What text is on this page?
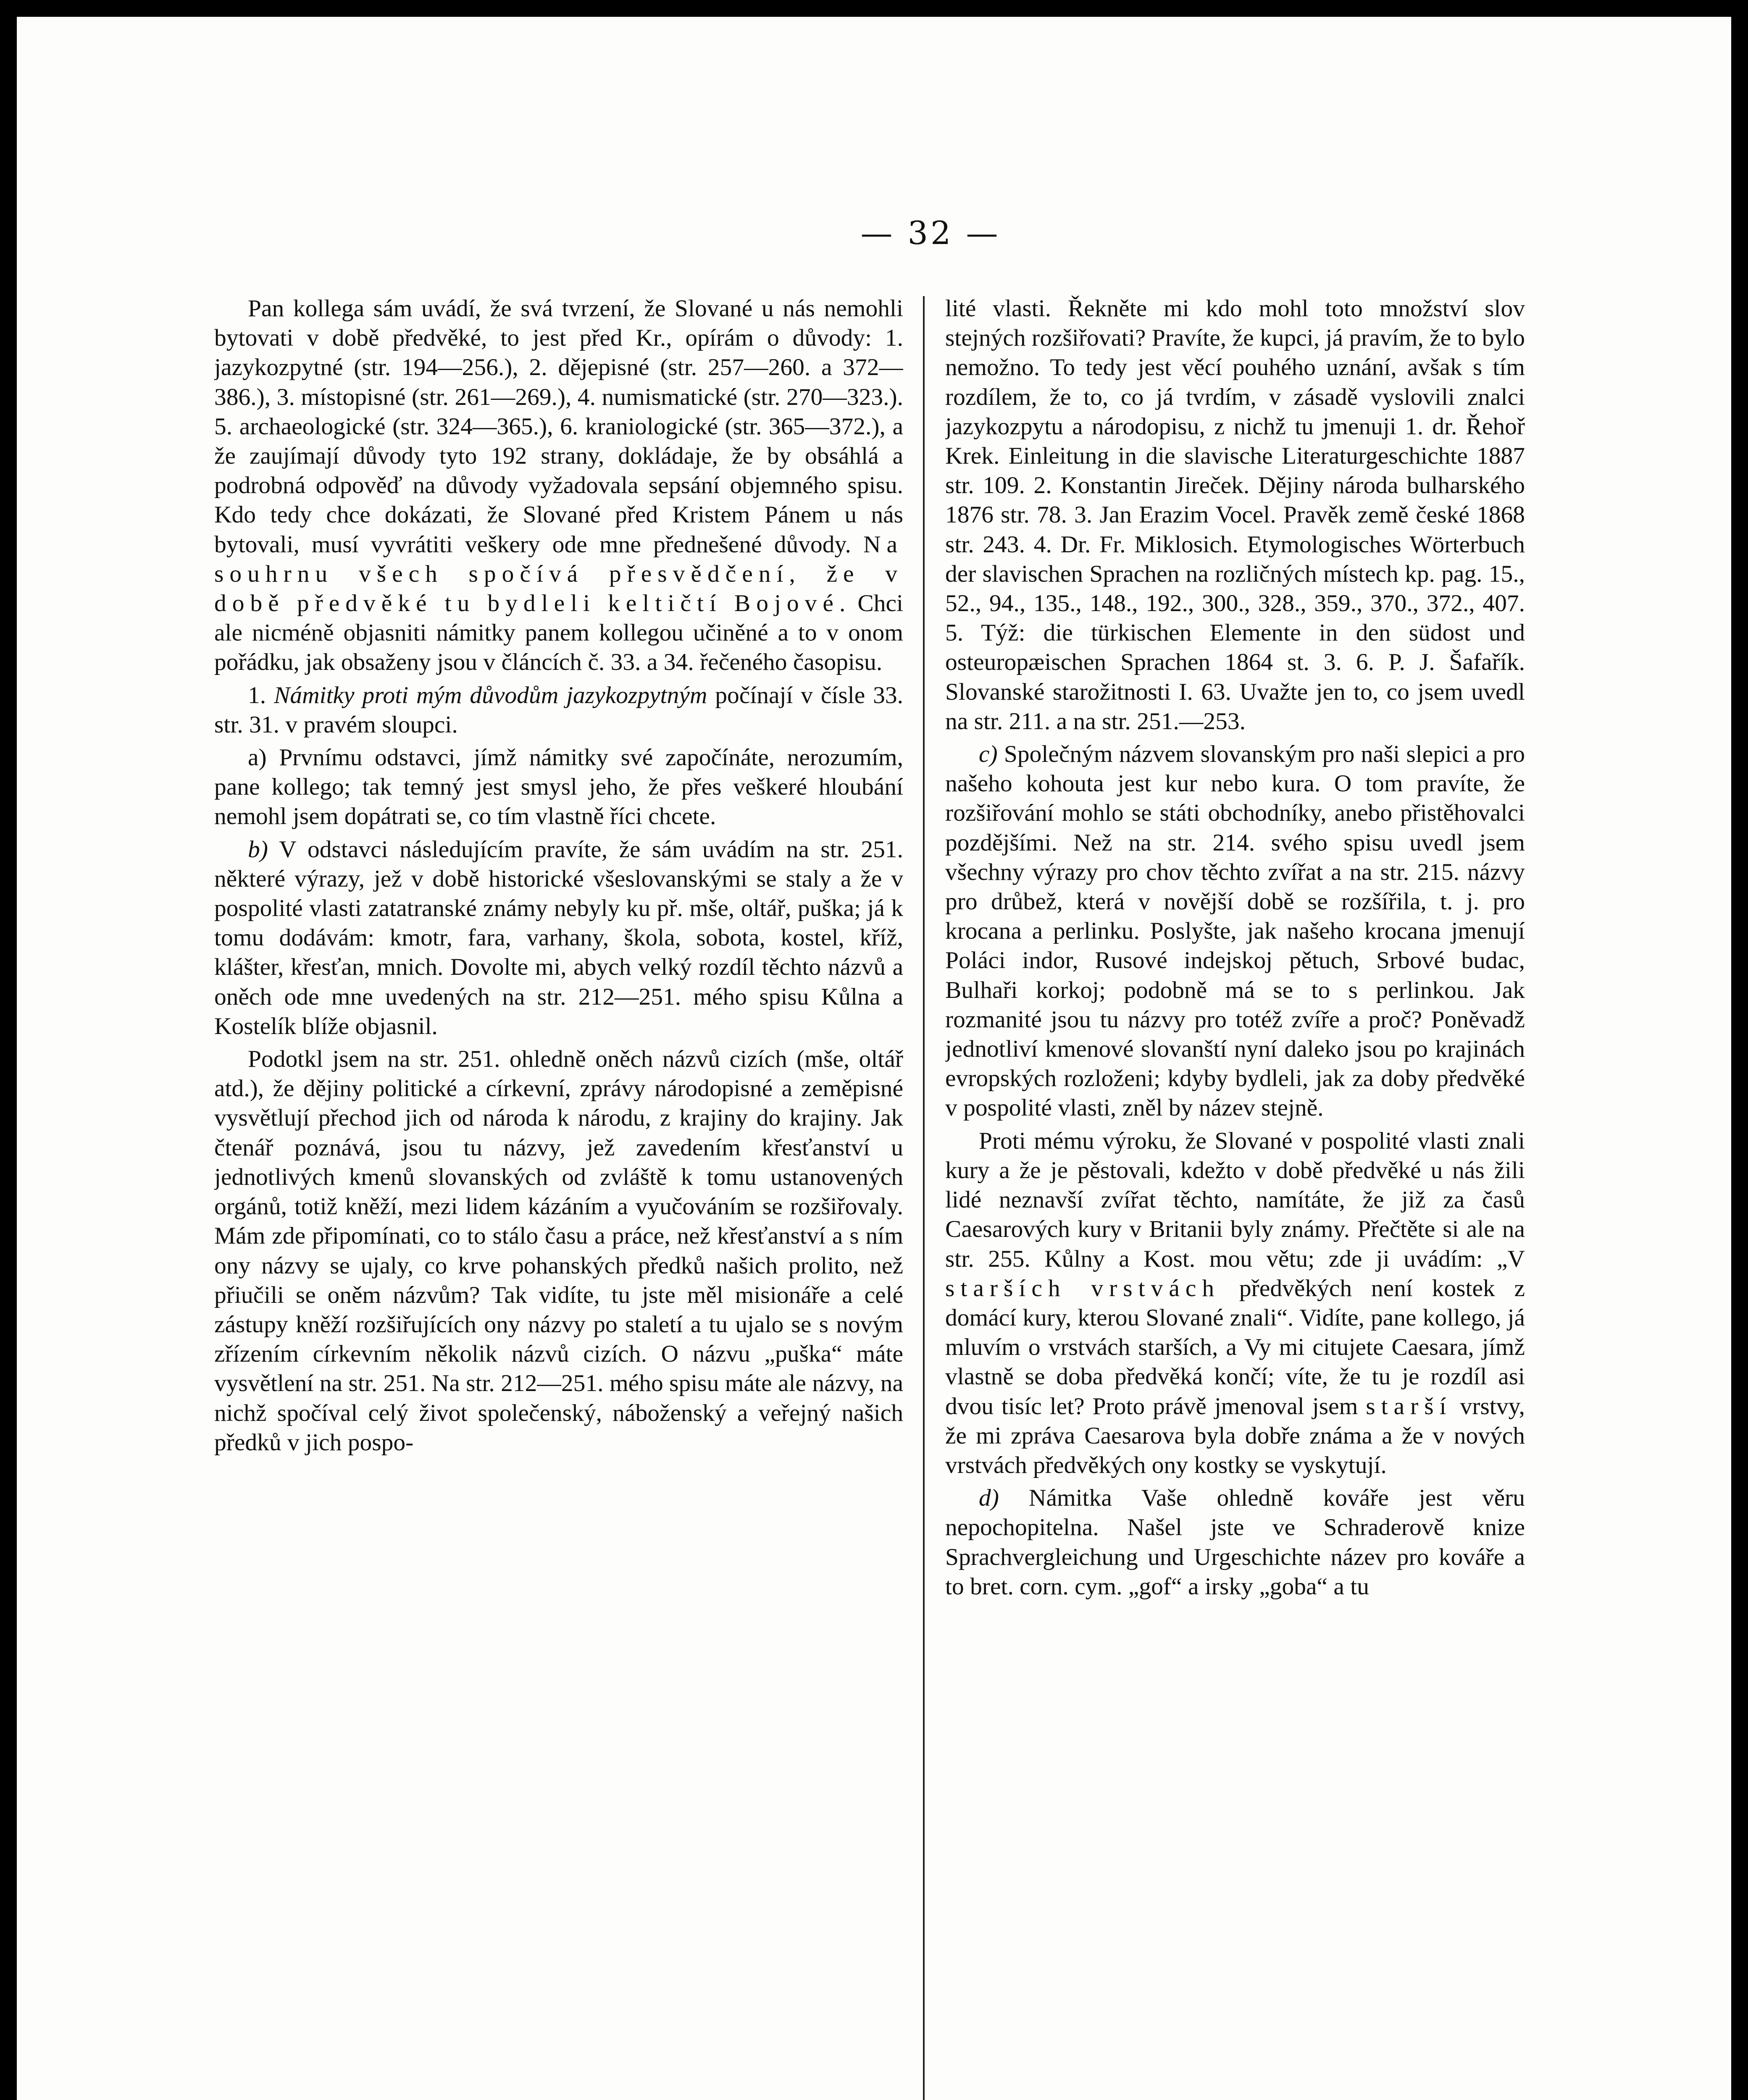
— 32 —

Pan kollega sám uvádí, že svá tvrzení, že Slované u nás nemohli bytovati v době předvěké, to jest před Kr., opírám o důvody: 1. jazykozpytné (str. 194—256.), 2. dějepisné (str. 257—260. a 372—386.), 3. místopisné (str. 261—269.), 4. numismatické (str. 270—323.). 5. archaeologické (str. 324—365.), 6. kraniologické (str. 365—372.), a že zaujímají důvody tyto 192 strany, dokládaje, že by obsáhlá a podrobná odpověď na důvody vyžadovala sepsání objemného spisu. Kdo tedy chce dokázati, že Slované před Kristem Pánem u nás bytovali, musí vyvrátiti veškery ode mne přednešené důvody. Na souhrnu všech spočívá přesvědčení, že v době předvěké tu bydleli keltičtí Bojové. Chci ale nicméně objasniti námitky panem kollegou učiněné a to v onom pořádku, jak obsaženy jsou v článcích č. 33. a 34. řečeného časopisu.

1. Námitky proti mým důvodům jazykozpytným počínají v čísle 33. str. 31. v pravém sloupci.

a) Prvnímu odstavci, jímž námitky své započínáte, nerozumím, pane kollego; tak temný jest smysl jeho, že přes veškeré hloubání nemohl jsem dopátrati se, co tím vlastně říci chcete.

b) V odstavci následujícím pravíte, že sám uvádím na str. 251. některé výrazy, jež v době historické všeslovanskými se staly a že v pospolité vlasti zatatranské známy nebyly ku př. mše, oltář, puška; já k tomu dodávám: kmotr, fara, varhany, škola, sobota, kostel, kříž, klášter, křesťan, mnich. Dovolte mi, abych velký rozdíl těchto názvů a oněch ode mne uvedených na str. 212—251. mého spisu Kůlna a Kostelík blíže objasnil.

Podotkl jsem na str. 251. ohledně oněch názvů cizích (mše, oltář atd.), že dějiny politické a církevní, zprávy národopisné a zeměpisné vysvětlují přechod jich od národa k národu, z krajiny do krajiny. Jak čtenář poznává, jsou tu názvy, jež zavedením křesťanství u jednotlivých kmenů slovanských od zvláště k tomu ustanovených orgánů, totiž kněží, mezi lidem kázáním a vyučováním se rozšiřovaly. Mám zde připomínati, co to stálo času a práce, než křesťanství a s ním ony názvy se ujaly, co krve pohanských předků našich prolito, než přiučili se oněm názvům? Tak vidíte, tu jste měl misionáře a celé zástupy kněží rozšiřujících ony názvy po staletí a tu ujalo se s novým zřízením církevním několik názvů cizích. O názvu „puška“ máte vysvětlení na str. 251. Na str. 212—251. mého spisu máte ale názvy, na nichž spočíval celý život společenský, náboženský a veřejný našich předků v jich pospo-

lité vlasti. Řekněte mi kdo mohl toto množství slov stejných rozšiřovati? Pravíte, že kupci, já pravím, že to bylo nemožno. To tedy jest věcí pouhého uznání, avšak s tím rozdílem, že to, co já tvrdím, v zásadě vyslovili znalci jazykozpytu a národopisu, z nichž tu jmenuji 1. dr. Řehoř Krek. Einleitung in die slavische Literaturgeschichte 1887 str. 109. 2. Konstantin Jireček. Dějiny národa bulharského 1876 str. 78. 3. Jan Erazim Vocel. Pravěk země české 1868 str. 243. 4. Dr. Fr. Miklosich. Etymologisches Wörterbuch der slavischen Sprachen na rozličných místech kp. pag. 15., 52., 94., 135., 148., 192., 300., 328., 359., 370., 372., 407. 5. Týž: die türkischen Elemente in den südost und osteuropæischen Sprachen 1864 st. 3. 6. P. J. Šafařík. Slovanské starožitnosti I. 63. Uvažte jen to, co jsem uvedl na str. 211. a na str. 251.—253.

c) Společným názvem slovanským pro naši slepici a pro našeho kohouta jest kur nebo kura. O tom pravíte, že rozšiřování mohlo se státi obchodníky, anebo přistěhovalci pozdějšími. Než na str. 214. svého spisu uvedl jsem všechny výrazy pro chov těchto zvířat a na str. 215. názvy pro drůbež, která v novější době se rozšířila, t. j. pro krocana a perlinku. Poslyšte, jak našeho krocana jmenují Poláci indor, Rusové indejskoj pětuch, Srbové budac, Bulhaři korkoj; podobně má se to s perlinkou. Jak rozmanité jsou tu názvy pro totéž zvíře a proč? Poněvadž jednotliví kmenové slovanští nyní daleko jsou po krajinách evropských rozloženi; kdyby bydleli, jak za doby předvěké v pospolité vlasti, zněl by název stejně.

Proti mému výroku, že Slované v pospolité vlasti znali kury a že je pěstovali, kdežto v době předvěké u nás žili lidé neznavší zvířat těchto, namítáte, že již za časů Caesarových kury v Britanii byly známy. Přečtěte si ale na str. 255. Kůlny a Kost. mou větu; zde ji uvádím: „V starších vrstvách předvěkých není kostek z domácí kury, kterou Slované znali“. Vidíte, pane kollego, já mluvím o vrstvách starších, a Vy mi citujete Caesara, jímž vlastně se doba předvěká končí; víte, že tu je rozdíl asi dvou tisíc let? Proto právě jmenoval jsem starší vrstvy, že mi zpráva Caesarova byla dobře známa a že v nových vrstvách předvěkých ony kostky se vyskytují.

d) Námitka Vaše ohledně kováře jest věru nepochopitelna. Našel jste ve Schraderově knize Sprachvergleichung und Urgeschichte název pro kováře a to bret. corn. cym. „gof“ a irsky „goba“ a tu
